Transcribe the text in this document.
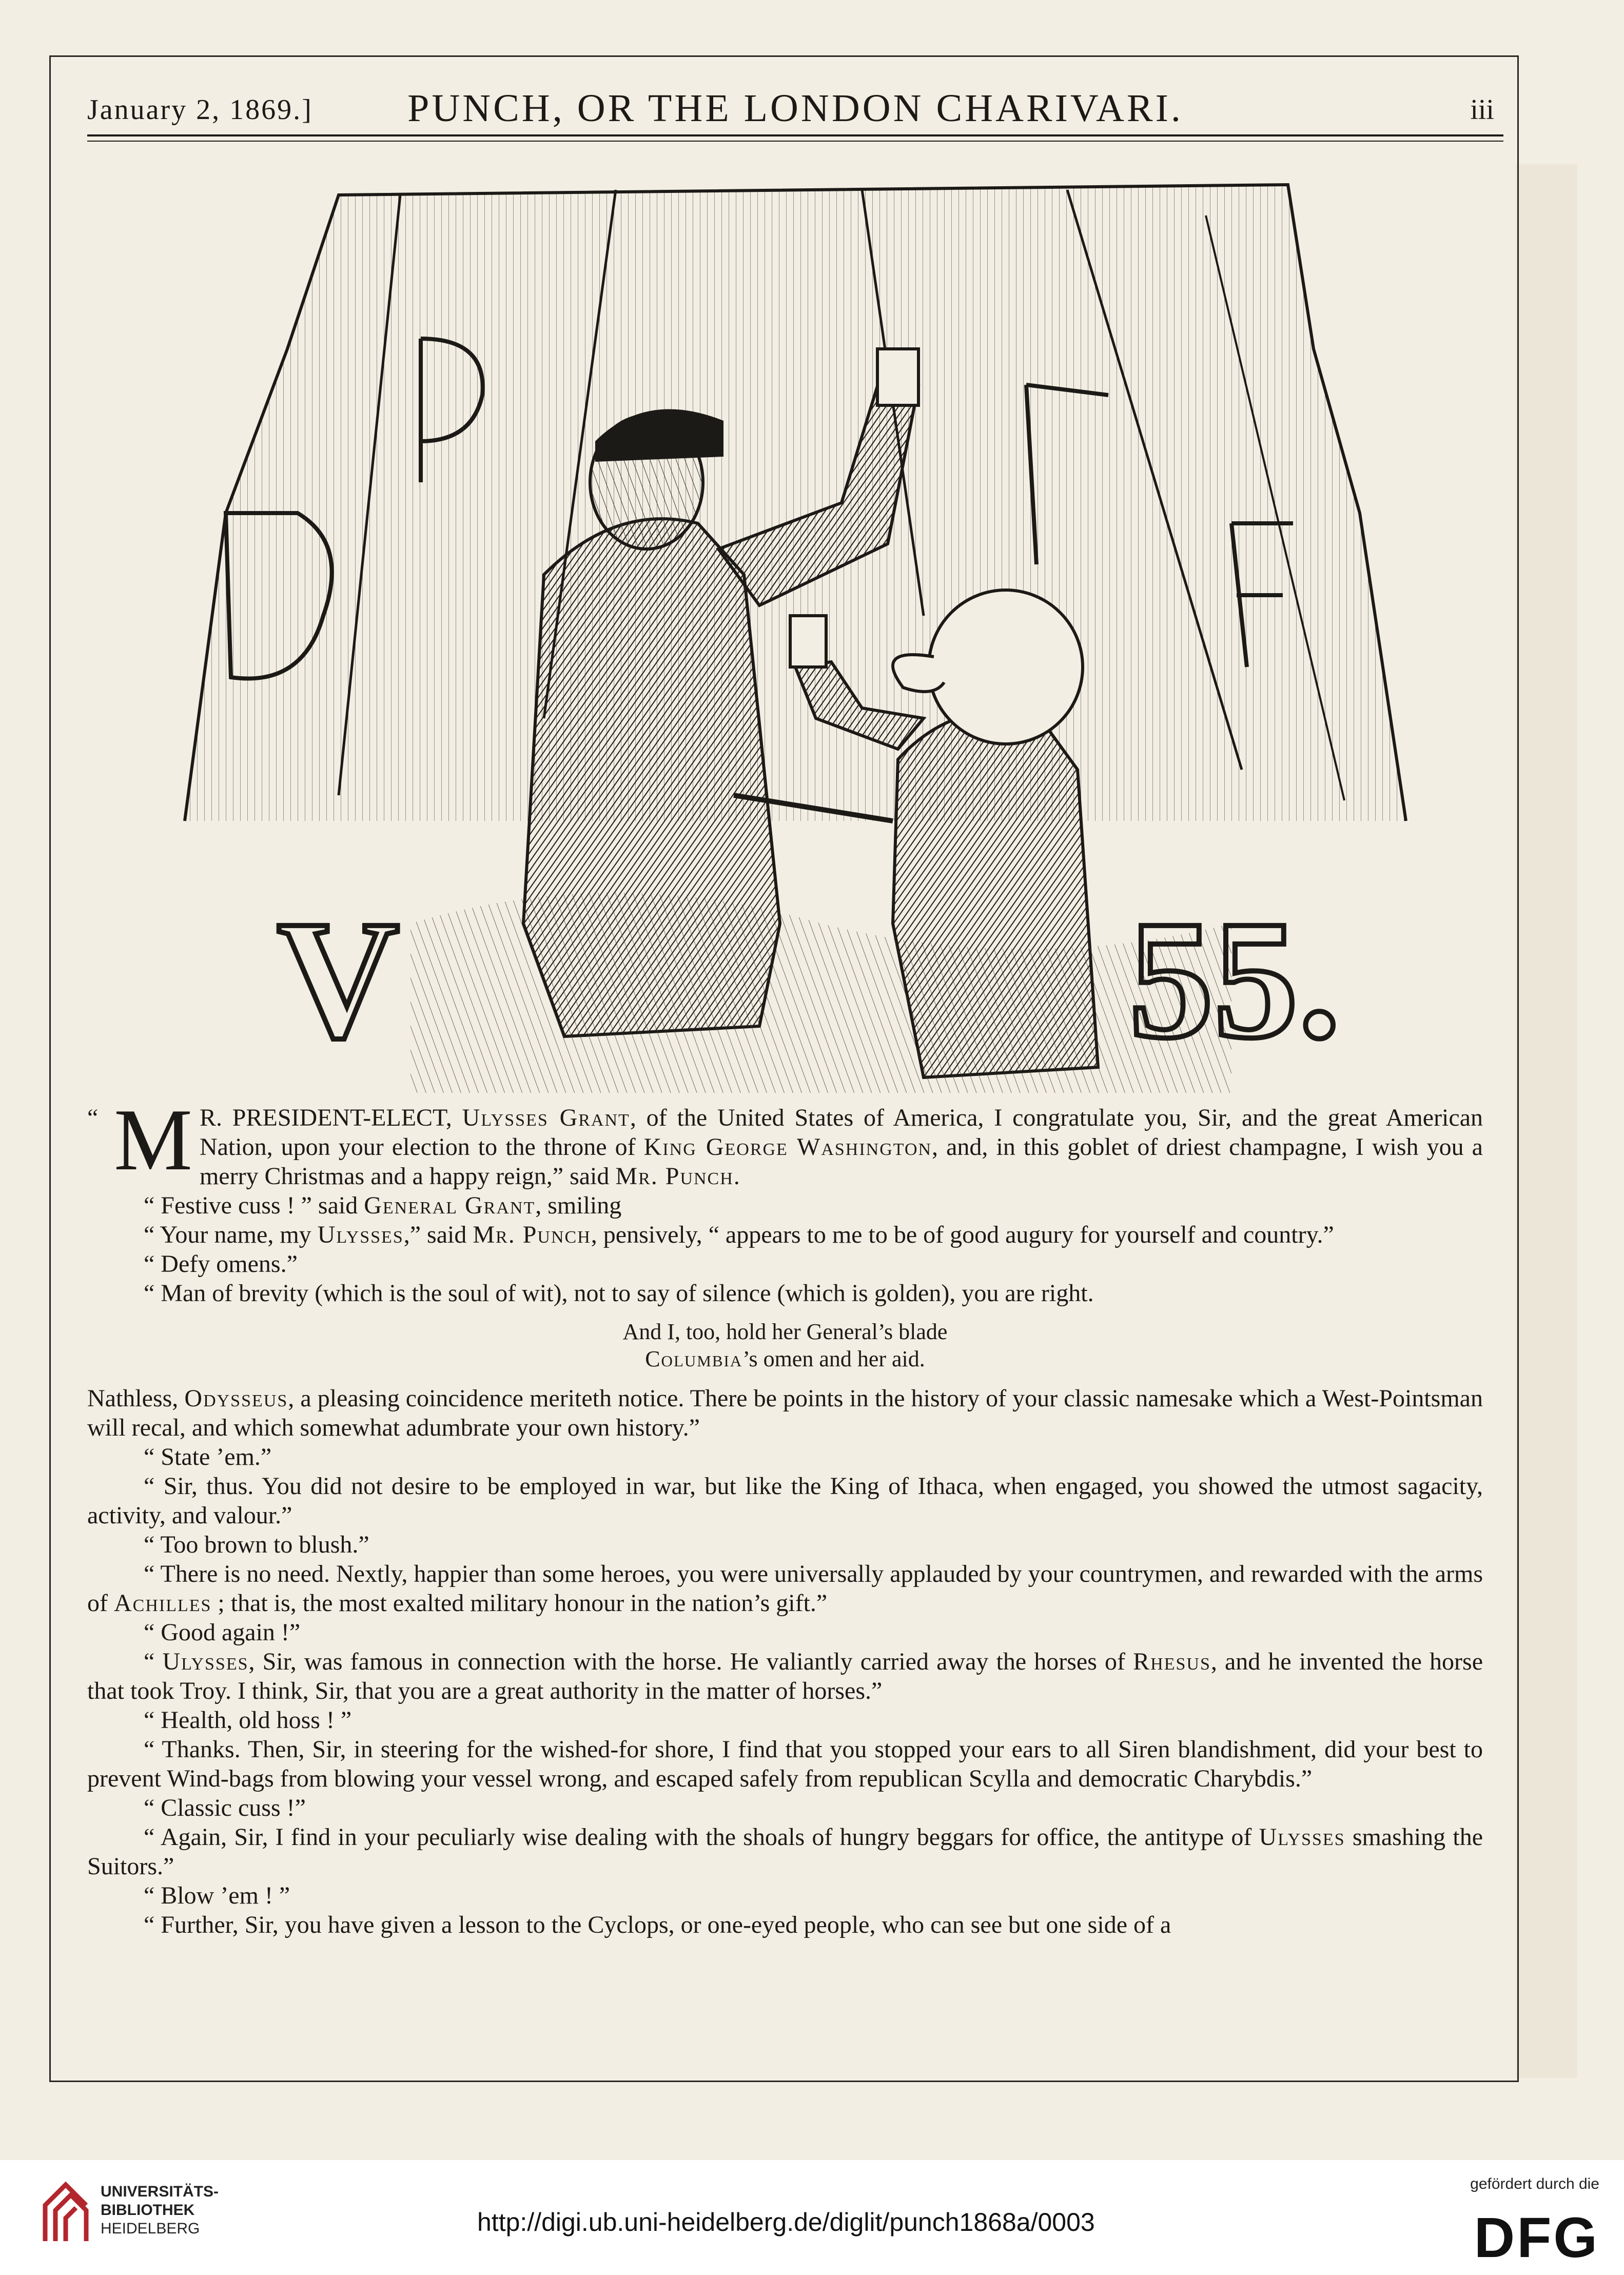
January 2, 1869.]	PUNCH, OR THE LONDON CHARIVARI.	iii
V	55.

“ M R. PRESIDENT-ELECT, Ulysses Grant, of the United States of America, I congratulate you, Sir, and the great American Nation, upon your election to the throne of King George Washington, and, in this goblet of driest champagne, I wish you a merry Christmas and a happy reign,” said Mr. Punch.

“ Festive cuss ! ” said General Grant, smiling

“ Your name, my Ulysses,” said Mr. Punch, pensively, “ appears to me to be of good augury for yourself and country.”

“ Defy omens.”

“ Man of brevity (which is the soul of wit), not to say of silence (which is golden), you are right.

And I, too, hold her General’s blade
Columbia’s omen and her aid.

Nathless, Odysseus, a pleasing coincidence meriteth notice. There be points in the history of your classic namesake which a West-Pointsman will recal, and which somewhat adumbrate your own history.”

“ State ’em.”

“ Sir, thus. You did not desire to be employed in war, but like the King of Ithaca, when engaged, you showed the utmost sagacity, activity, and valour.”

“ Too brown to blush.”

“ There is no need. Nextly, happier than some heroes, you were universally applauded by your countrymen, and rewarded with the arms of Achilles ; that is, the most exalted military honour in the nation’s gift.”

“ Good again !”

“ Ulysses, Sir, was famous in connection with the horse. He valiantly carried away the horses of Rhesus, and he invented the horse that took Troy. I think, Sir, that you are a great authority in the matter of horses.”

“ Health, old hoss ! ”

“ Thanks. Then, Sir, in steering for the wished-for shore, I find that you stopped your ears to all Siren blandishment, did your best to prevent Wind-bags from blowing your vessel wrong, and escaped safely from republican Scylla and democratic Charybdis.”

“ Classic cuss !”

“ Again, Sir, I find in your peculiarly wise dealing with the shoals of hungry beggars for office, the antitype of Ulysses smashing the Suitors.”

“ Blow ’em ! ”

“ Further, Sir, you have given a lesson to the Cyclops, or one-eyed people, who can see but one side of a

UNIVERSITÄTS-
BIBLIOTHEK
HEIDELBERG	http://digi.ub.uni-heidelberg.de/diglit/punch1868a/0003
gefördert durch die
DFG
